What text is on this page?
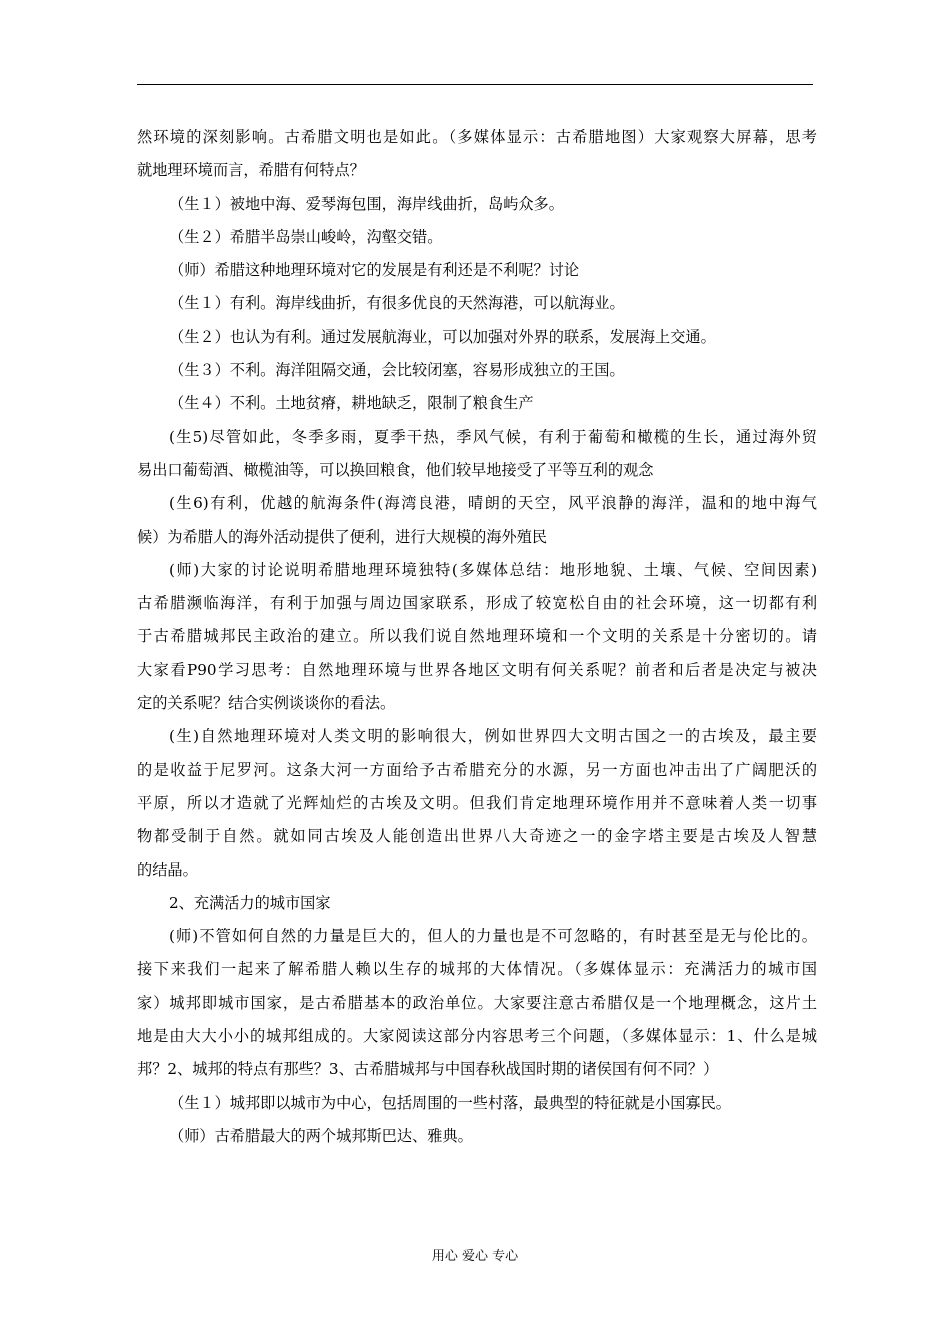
然环境的深刻影响。古希腊文明也是如此。（多媒体显示：古希腊地图）大家观察大屏幕，思考
就地理环境而言，希腊有何特点？
（生１）被地中海、爱琴海包围，海岸线曲折，岛屿众多。
（生２）希腊半岛崇山峻岭，沟壑交错。
（师）希腊这种地理环境对它的发展是有利还是不利呢？讨论
（生１）有利。海岸线曲折，有很多优良的天然海港，可以航海业。
（生２）也认为有利。通过发展航海业，可以加强对外界的联系，发展海上交通。
（生３）不利。海洋阻隔交通，会比较闭塞，容易形成独立的王国。
（生４）不利。土地贫瘠，耕地缺乏，限制了粮食生产
(生5)尽管如此，冬季多雨，夏季干热，季风气候，有利于葡萄和橄榄的生长，通过海外贸
易出口葡萄酒、橄榄油等，可以换回粮食，他们较早地接受了平等互利的观念
(生6)有利，优越的航海条件(海湾良港，晴朗的天空，风平浪静的海洋，温和的地中海气
候）为希腊人的海外活动提供了便利，进行大规模的海外殖民
(师)大家的讨论说明希腊地理环境独特(多媒体总结：地形地貌、土壤、气候、空间因素)
古希腊濒临海洋，有利于加强与周边国家联系，形成了较宽松自由的社会环境，这一切都有利
于古希腊城邦民主政治的建立。所以我们说自然地理环境和一个文明的关系是十分密切的。请
大家看P90学习思考：自然地理环境与世界各地区文明有何关系呢？前者和后者是决定与被决
定的关系呢？结合实例谈谈你的看法。
(生)自然地理环境对人类文明的影响很大，例如世界四大文明古国之一的古埃及，最主要
的是收益于尼罗河。这条大河一方面给予古希腊充分的水源，另一方面也冲击出了广阔肥沃的
平原，所以才造就了光辉灿烂的古埃及文明。但我们肯定地理环境作用并不意味着人类一切事
物都受制于自然。就如同古埃及人能创造出世界八大奇迹之一的金字塔主要是古埃及人智慧
的结晶。
2、充满活力的城市国家
(师)不管如何自然的力量是巨大的，但人的力量也是不可忽略的，有时甚至是无与伦比的。
接下来我们一起来了解希腊人赖以生存的城邦的大体情况。（多媒体显示：充满活力的城市国
家）城邦即城市国家，是古希腊基本的政治单位。大家要注意古希腊仅是一个地理概念，这片土
地是由大大小小的城邦组成的。大家阅读这部分内容思考三个问题，（多媒体显示：1、什么是城
邦？2、城邦的特点有那些？3、古希腊城邦与中国春秋战国时期的诸侯国有何不同？）
（生１）城邦即以城市为中心，包括周围的一些村落，最典型的特征就是小国寡民。
（师）古希腊最大的两个城邦斯巴达、雅典。
用心 爱心 专心
